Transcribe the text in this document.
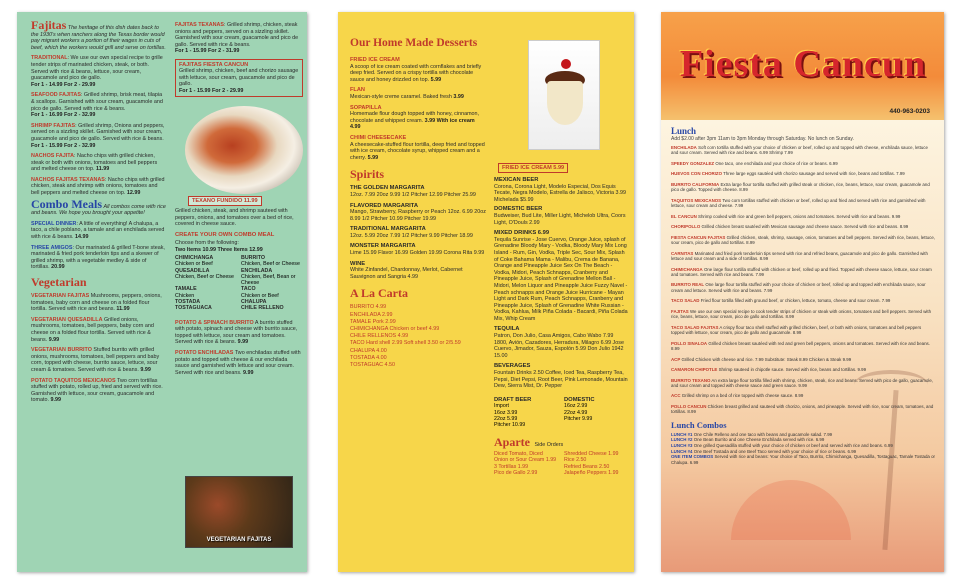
Fajitas The heritage of this dish dates back to the 1930's when ranchers along the Texas border would pay migrant workers a portion of their wages in cuts of beef, which the workers would grill and serve on tortillas.
TRADITIONAL: We use our own special recipe to grille tender strips of marinated chicken, steak, or both. Served with rice & beans, lettuce, sour cream, guacamole and pico de gallo.
For 1 - 14.99 For 2 - 29.99
SEAFOOD FAJITAS: Grilled shrimp, brisk meat, tilapia & scallops. Garnished with sour cream, guacamole and pico de gallo. Served with rice & beans.
For 1 - 16.99 For 2 - 32.99
SHRIMP FAJITAS: Grilled shrimp, Onions and peppers, served on a sizzling skillet. Garnished with sour cream, guacamole and pico de gallo. Served with rice & beans.
For 1 - 15.99 For 2 - 32.99
NACHOS FAJITA: Nacho chips with grilled chicken, steak or both with onions, tomatoes and bell peppers and melted cheese on top. 11.99
NACHOS FAJITAS TEXANAS: Nacho chips with grilled chicken, steak and shrimp with onions, tomatoes and bell peppers and melted cheese on top. 12.99
Combo Meals All combos come with rice and beans. We hope you brought your appetite!
SPECIAL DINNER: A little of everything! A chalupa, a taco, a chile poblano, a tamale and an enchilada served with rice & beans. 14.99
THREE AMIGOS: Our marinated & grilled T-bone steak, marinated & fried pork tenderloin tips and a skewer of grilled shrimp, with a vegetable medley & side of tortillas. 20.99
Vegetarian
VEGETARIAN FAJITAS Mushrooms, peppers, onions, tomatoes, baby corn and cheese on a folded flour tortilla. Served with rice and beans. 11.99
VEGETARIAN QUESADILLA Grilled onions, mushrooms, tomatoes, bell peppers, baby corn and cheese on a folded flour tortilla. Served with rice & beans. 9.99
VEGETARIAN BURRITO Stuffed burrito with grilled onions, mushrooms, tomatoes, bell peppers and baby corn, topped with cheese, burrito sauce, lettuce, sour cream & tomatoes. Served with rice & beans. 9.99
POTATO TAQUITOS MEXICANOS Two corn tortillas stuffed with potato, rolled up, fried and served with rice. Garnished with lettuce, sour cream, guacamole and tomato. 9.99
FAJITAS TEXANAS: Grilled shrimp, chicken, steak onions and peppers, served on a sizzling skillet. Garnished with sour cream, guacamole and pico de gallo. Served with rice & beans.
For 1 - 15.99 For 2 - 31.99
FAJITAS FIESTA CANCUN
Grilled shrimp, chicken, beef and chorizo sausage with lettuce, sour cream, guacamole and pico de gallo.
For 1 - 15.99 For 2 - 29.99
TEXANO FUNDIDO 11.99
Grilled chicken, steak, and shrimp sauteed with peppers, onions, and tomatoes over a bed of rice, covered in cheese sauce.
CREATE YOUR OWN COMBO MEAL
Choose from the following:
Two Items 10.99 Three Items 12.99
CHIMICHANGA	BURRITO
Chicken or Beef	Chicken, Beef or Cheese
QUESADILLA	ENCHILADA
Chicken, Beef or Cheese	Chicken, Beef, Bean or Cheese
TAMALE	TACO
Chicken	Chicken or Beef
TOSTADA	CHALUPA
TOSTAGUACA	CHILE RELLENO
POTATO & SPINACH BURRITO A burrito stuffed with potato, spinach and cheese with burrito sauce, topped with lettuce, sour cream and tomatoes. Served with rice & beans. 9.99
POTATO ENCHILADAS Two enchiladas stuffed with potato and topped with cheese & our enchilada sauce and garnished with lettuce and sour cream. Served with rice and beans. 9.99
VEGETARIAN FAJITAS
Our Home Made Desserts
FRIED ICE CREAM
A scoop of ice cream coated with cornflakes and briefly deep fried. Served on a crispy tortilla with chocolate sauce and honey drizzled on top. 5.99
FLAN
Mexican-style creme caramel. Baked fresh 3.99
SOPAPILLA
Homemade flour dough topped with honey, cinnamon, chocolate and whipped cream. 3.99 With ice cream 4.99
CHIMI CHEESECAKE
A cheesecake-stuffed flour tortilla, deep fried and topped with ice cream, chocolate syrup, whipped cream and a cherry. 5.99
Spirits
THE GOLDEN MARGARITA
12oz. 7.99 20oz 9.99 1/2 Pitcher 12.99 Pitcher 25.99
FLAVORED MARGARITA
Mango, Strawberry, Raspberry or Peach 12oz. 6.99 20oz 8.99 1/2 Pitcher 10.99 Pitcher 19.99
TRADITIONAL MARGARITA
12oz. 5.99 20oz 7.99 1/2 Pitcher 9.99 Pitcher 18.99
MONSTER MARGARITA
Lime 15.99 Flavor 16.99 Golden 19.99 Corona Rita 9.99
WINE
White Zinfandel, Chardonnay, Merlot, Cabernet Sauvignon and Sangria 4.99
A La Carta
BURRITO 4.99
ENCHILADA 2.99
TAMALE Pork 2.99
CHIMICHANGA Chicken or beef 4.99
CHILE RELLENOS 4.99
TACO Hard shell 2.99 Soft shell 3.50 or 2/5.59
CHALUPA 4.00
TOSTADA 4.00
TOSTAGUAC 4.50
FRIED ICE CREAM 5.99
MEXICAN BEER
Corona, Corona Light, Modelo Especial, Dos Equis Tecate, Negra Modelo, Estrella de Jalisco, Victoria 3.99 Michelada $5.99
DOMESTIC BEER
Budweiser, Bud Lite, Miller Light, Michelob Ultra, Coors Light, O'Douls 2.99
MIXED DRINKS 6.99
Tequila Sunrise - Jose Cuervo, Orange Juice, splash of Grenadine Bloody Mary - Vodka, Bloody Mary Mix Long Island - Rum, Gin, Vodka, Triple Sec, Sour Mix, Splash of Coke Bahama Mama - Malibu, Crema de Banana, Orange and Pineapple Juice Sex On The Beach - Vodka, Midori, Peach Schnapps, Cranberry and Pineapple Juice, Splash of Grenadine Mellon Ball - Midori, Melon Liquor and Pineapple Juice Fuzzy Navel - Peach schnapps and Orange Juice Hurricane - Mayan Light and Dark Rum, Peach Schnapps, Cranberry and Pineapple Juice, Splash of Grenadine White Russian - Vodka, Kahlua, Milk Piña Colada - Bacardi, Piña Colada Mix, Whip Cream
TEQUILA
Patron, Don Julio, Casa Amigos, Cabo Wabo 7.99 1800, Avión, Cazadores, Herradura, Milagro 6.99 Jose Cuervo, Jimador, Sauza, Espolón 5.99 Don Julio 1942 15.00
BEVERAGES
Fountain Drinks 2.50 Coffee, Iced Tea, Raspberry Tea, Pepsi, Diet Pepsi, Root Beer, Pink Lemonade, Mountain Dew, Sierra Mist, Dr. Pepper
DRAFT BEER
Import
16oz 3.99
22oz 5.99
Pitcher 10.99
DOMESTIC
16oz 2.99
22oz 4.99
Pitcher 9.99
Aparte Side Orders
Diced Tomato, Diced Onion or Sour Cream 1.99
3 Tortillas 1.99
Pico de Gallo 2.99
Shredded Cheese 1.99
Rice 2.50
Refried Beans 2.50
Jalapeño Peppers 1.99
Fiesta Cancun
440-963-0203
Lunch
Add $2.00 after 3pm 11am to 3pm Monday through Saturday. No lunch on Sunday.
ENCHILADA Soft corn tortilla stuffed with your choice of chicken or beef, rolled up and topped with cheese, enchilada sauce, lettuce and sour cream. Served with rice and beans. 6.99 Shrimp 7.99
SPEEDY GONZALEZ One taco, one enchilada and your choice of rice or beans. 6.99
HUEVOS CON CHORIZO Three large eggs sautéed with chorizo sausage and served with rice, beans and tortillas. 7.99
BURRITO CALIFORNIA Extra large flour tortilla stuffed with grilled steak or chicken, rice, beans, lettuce, sour cream, guacamole and pico de gallo. Topped with cheese. 8.99
TAQUITOS MEXICANOS Two corn tortillas stuffed with chicken or beef, rolled up and fried and served with rice and garnished with lettuce, sour cream and cheese. 7.99
EL CANCUN Shrimp cooked with rice and green bell peppers, onions and tomatoes. Served with rice and beans. 9.99
CHORIPOLLO Grilled chicken breast sautéed with Mexican sausage and cheese sauce. Served with rice and beans. 8.99
FIESTA CANCUN FAJITAS Grilled chicken, steak, shrimp, sausage, onion, tomatoes and bell peppers. Served with rice, beans, lettuce, sour cream, pico de gallo and tortillas. 8.99
CARNITAS Marinated and fried pork tenderloin tips served with rice and refried beans, guacamole and pico de gallo. Garnished with lettuce and sour cream and a side of tortillas. 8.99
CHIMICHANGA One large flour tortilla stuffed with chicken or beef, rolled up and fried. Topped with cheese sauce, lettuce, sour cream and tomatoes. Served with rice and beans. 7.99
BURRITO REAL One large flour tortilla stuffed with your choice of chicken or beef, rolled up and topped with enchilada sauce, sour cream and lettuce. Served with rice and beans. 7.99
TACO SALAD Fried flour tortilla filled with ground beef, or chicken, lettuce, tomato, cheese and sour cream. 7.99
FAJITAS We use our own special recipe to cook tender strips of chicken or steak with onions, tomatoes and bell peppers. Served with rice, beans, lettuce, sour cream, pico de gallo and tortillas. 8.99
TACO SALAD FAJITAS A crispy flour taco shell stuffed with grilled chicken, beef, or both with onions, tomatoes and bell peppers topped with lettuce, sour cream, pico de gallo and guacamole. 8.99
POLLO SINALOA Grilled chicken breast sautéed with red and green bell peppers, onions and tomatoes. Served with rice and beans. 8.99
ACP Grilled Chicken with cheese and rice. 7.99 Substitute: Steak 8.99 Chicken & Steak 9.99
CAMARON CHIPOTLE Shrimp sauteed in chipotle sauce. Served with rice, beans and tortillas. 9.99
BURRITO TEXANO An extra large flour tortilla filled with shrimp, chicken, steak, rice and beans. Served with pico de gallo, guacamole, and sour cream and topped with cheese sauce and green sauce. 9.99
ACC Grilled shrimp on a bed of rice topped with cheese sauce. 8.99
POLLO CANCUN Chicken breast grilled and sauteed with chorizo, onions, and pineapple. Served with rice, sour cream, tomatoes, and tortillas. 8.99
Lunch Combos
LUNCH #1 One Chile Relleno and one taco with beans and guacamole salad. 7.99
LUNCH #2 One Bean Burrito and one Cheese Enchilada served with rice. 6.99
LUNCH #3 One grilled Quesadilla stuffed with your choice of chicken or beef and served with rice and beans. 6.99
LUNCH #4 One Beef Tostada and one Beef Taco served with your choice of rice or beans. 6.99
ONE ITEM COMBOS Served with rice and beans: Your choice of Taco, Burrito, Chimichanga, Quesadilla, Tostaguac, Tamale Tostada or Chalupa. 6.99
